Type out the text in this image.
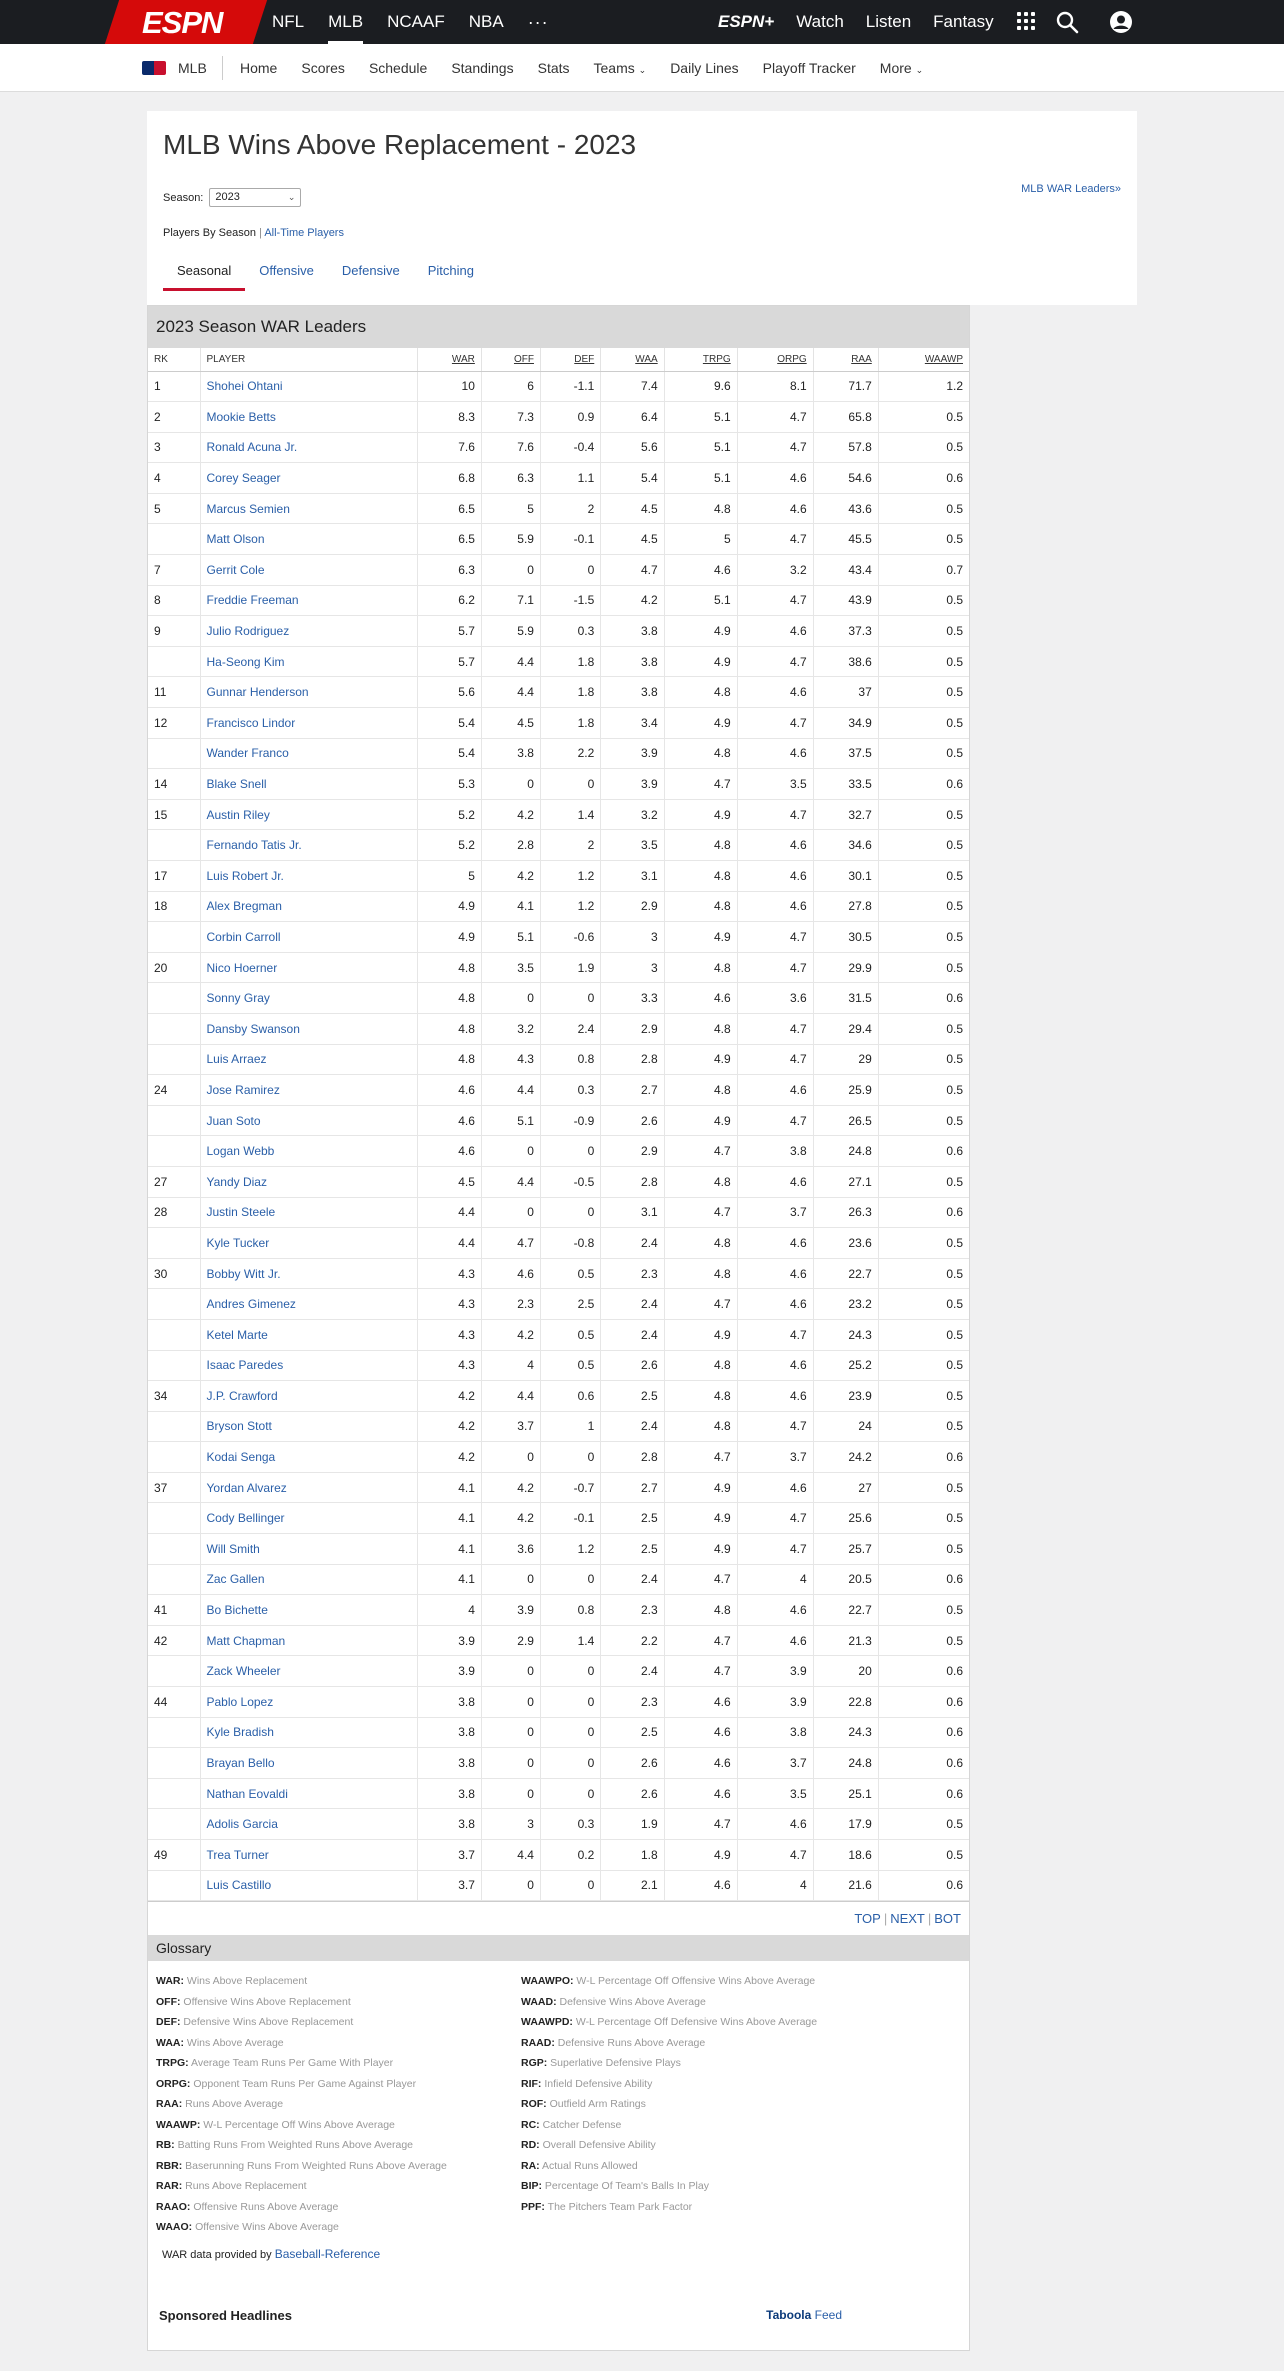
ESPN	NFL MLB NCAAF NBA ···	ESPN+ Watch Listen Fantasy
MLB Home Scores Schedule Standings Stats Teams ⌄ Daily Lines Playoff Tracker More ⌄
MLB Wins Above Replacement - 2023
Season:	2023	⌄
MLB WAR Leaders»
Players By Season | All-Time Players
Seasonal	Offensive	Defensive	Pitching
2023 Season WAR Leaders
RK	PLAYER	WAR	OFF	DEF	WAA	TRPG	ORPG	RAA	WAAWP
1	Shohei Ohtani	10	6	-1.1	7.4	9.6	8.1	71.7	1.2
2	Mookie Betts	8.3	7.3	0.9	6.4	5.1	4.7	65.8	0.5
3	Ronald Acuna Jr.	7.6	7.6	-0.4	5.6	5.1	4.7	57.8	0.5
4	Corey Seager	6.8	6.3	1.1	5.4	5.1	4.6	54.6	0.6
5	Marcus Semien	6.5	5	2	4.5	4.8	4.6	43.6	0.5
	Matt Olson	6.5	5.9	-0.1	4.5	5	4.7	45.5	0.5
7	Gerrit Cole	6.3	0	0	4.7	4.6	3.2	43.4	0.7
8	Freddie Freeman	6.2	7.1	-1.5	4.2	5.1	4.7	43.9	0.5
9	Julio Rodriguez	5.7	5.9	0.3	3.8	4.9	4.6	37.3	0.5
	Ha-Seong Kim	5.7	4.4	1.8	3.8	4.9	4.7	38.6	0.5
11	Gunnar Henderson	5.6	4.4	1.8	3.8	4.8	4.6	37	0.5
12	Francisco Lindor	5.4	4.5	1.8	3.4	4.9	4.7	34.9	0.5
	Wander Franco	5.4	3.8	2.2	3.9	4.8	4.6	37.5	0.5
14	Blake Snell	5.3	0	0	3.9	4.7	3.5	33.5	0.6
15	Austin Riley	5.2	4.2	1.4	3.2	4.9	4.7	32.7	0.5
	Fernando Tatis Jr.	5.2	2.8	2	3.5	4.8	4.6	34.6	0.5
17	Luis Robert Jr.	5	4.2	1.2	3.1	4.8	4.6	30.1	0.5
18	Alex Bregman	4.9	4.1	1.2	2.9	4.8	4.6	27.8	0.5
	Corbin Carroll	4.9	5.1	-0.6	3	4.9	4.7	30.5	0.5
20	Nico Hoerner	4.8	3.5	1.9	3	4.8	4.7	29.9	0.5
	Sonny Gray	4.8	0	0	3.3	4.6	3.6	31.5	0.6
	Dansby Swanson	4.8	3.2	2.4	2.9	4.8	4.7	29.4	0.5
	Luis Arraez	4.8	4.3	0.8	2.8	4.9	4.7	29	0.5
24	Jose Ramirez	4.6	4.4	0.3	2.7	4.8	4.6	25.9	0.5
	Juan Soto	4.6	5.1	-0.9	2.6	4.9	4.7	26.5	0.5
	Logan Webb	4.6	0	0	2.9	4.7	3.8	24.8	0.6
27	Yandy Diaz	4.5	4.4	-0.5	2.8	4.8	4.6	27.1	0.5
28	Justin Steele	4.4	0	0	3.1	4.7	3.7	26.3	0.6
	Kyle Tucker	4.4	4.7	-0.8	2.4	4.8	4.6	23.6	0.5
30	Bobby Witt Jr.	4.3	4.6	0.5	2.3	4.8	4.6	22.7	0.5
	Andres Gimenez	4.3	2.3	2.5	2.4	4.7	4.6	23.2	0.5
	Ketel Marte	4.3	4.2	0.5	2.4	4.9	4.7	24.3	0.5
	Isaac Paredes	4.3	4	0.5	2.6	4.8	4.6	25.2	0.5
34	J.P. Crawford	4.2	4.4	0.6	2.5	4.8	4.6	23.9	0.5
	Bryson Stott	4.2	3.7	1	2.4	4.8	4.7	24	0.5
	Kodai Senga	4.2	0	0	2.8	4.7	3.7	24.2	0.6
37	Yordan Alvarez	4.1	4.2	-0.7	2.7	4.9	4.6	27	0.5
	Cody Bellinger	4.1	4.2	-0.1	2.5	4.9	4.7	25.6	0.5
	Will Smith	4.1	3.6	1.2	2.5	4.9	4.7	25.7	0.5
	Zac Gallen	4.1	0	0	2.4	4.7	4	20.5	0.6
41	Bo Bichette	4	3.9	0.8	2.3	4.8	4.6	22.7	0.5
42	Matt Chapman	3.9	2.9	1.4	2.2	4.7	4.6	21.3	0.5
	Zack Wheeler	3.9	0	0	2.4	4.7	3.9	20	0.6
44	Pablo Lopez	3.8	0	0	2.3	4.6	3.9	22.8	0.6
	Kyle Bradish	3.8	0	0	2.5	4.6	3.8	24.3	0.6
	Brayan Bello	3.8	0	0	2.6	4.6	3.7	24.8	0.6
	Nathan Eovaldi	3.8	0	0	2.6	4.6	3.5	25.1	0.6
	Adolis Garcia	3.8	3	0.3	1.9	4.7	4.6	17.9	0.5
49	Trea Turner	3.7	4.4	0.2	1.8	4.9	4.7	18.6	0.5
	Luis Castillo	3.7	0	0	2.1	4.6	4	21.6	0.6
TOP | NEXT | BOT
Glossary
WAR: Wins Above Replacement
OFF: Offensive Wins Above Replacement
DEF: Defensive Wins Above Replacement
WAA: Wins Above Average
TRPG: Average Team Runs Per Game With Player
ORPG: Opponent Team Runs Per Game Against Player
RAA: Runs Above Average
WAAWP: W-L Percentage Off Wins Above Average
RB: Batting Runs From Weighted Runs Above Average
RBR: Baserunning Runs From Weighted Runs Above Average
RAR: Runs Above Replacement
RAAO: Offensive Runs Above Average
WAAO: Offensive Wins Above Average
WAAWPO: W-L Percentage Off Offensive Wins Above Average
WAAD: Defensive Wins Above Average
WAAWPD: W-L Percentage Off Defensive Wins Above Average
RAAD: Defensive Runs Above Average
RGP: Superlative Defensive Plays
RIF: Infield Defensive Ability
ROF: Outfield Arm Ratings
RC: Catcher Defense
RD: Overall Defensive Ability
RA: Actual Runs Allowed
BIP: Percentage Of Team's Balls In Play
PPF: The Pitchers Team Park Factor
WAR data provided by Baseball-Reference
Sponsored Headlines	Taboola Feed
